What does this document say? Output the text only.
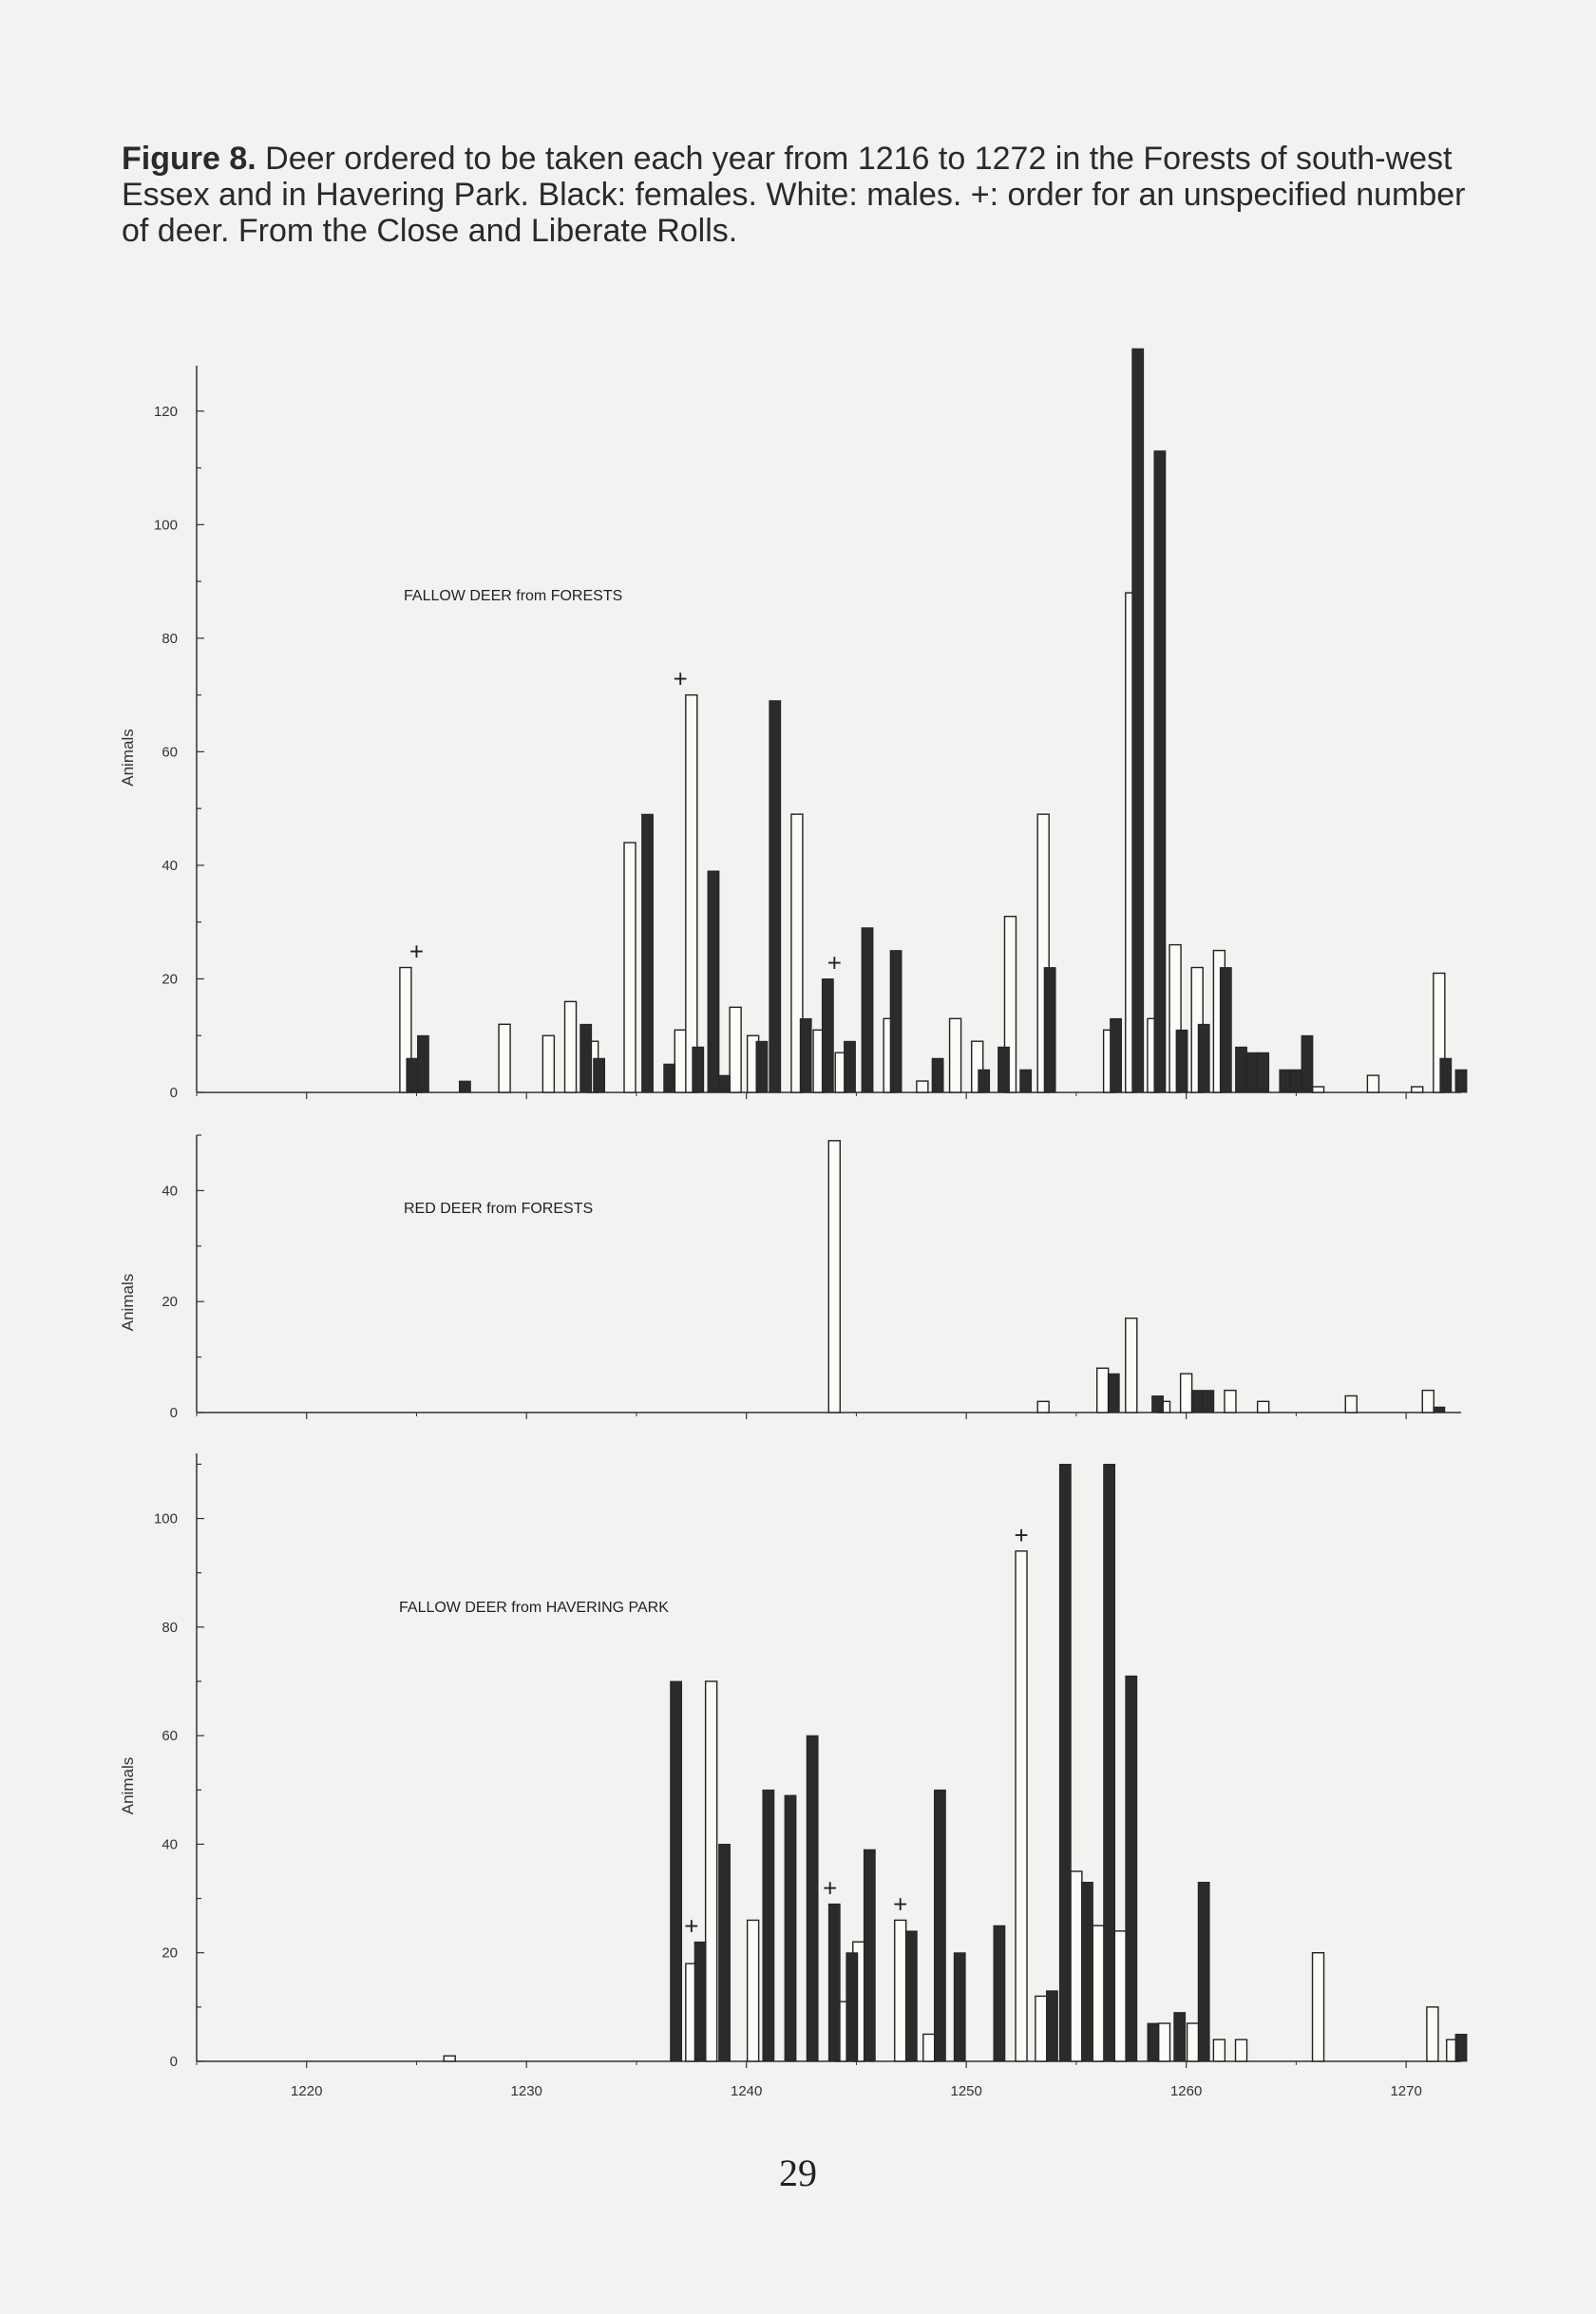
Figure 8. Deer ordered to be taken each year from 1216 to 1272 in the Forests of south-west Essex and in Havering Park. Black: females. White: males. +: order for an unspecified number of deer. From the Close and Liberate Rolls.
0
20
40
60
80
100
120
Animals
FALLOW DEER from FORESTS
+
+
+
0
20
40
Animals
RED DEER from FORESTS
0
20
40
60
80
100
1220	1230	1240	1250	1260	1270
Animals
FALLOW DEER from HAVERING PARK
+
+
+
+
29
